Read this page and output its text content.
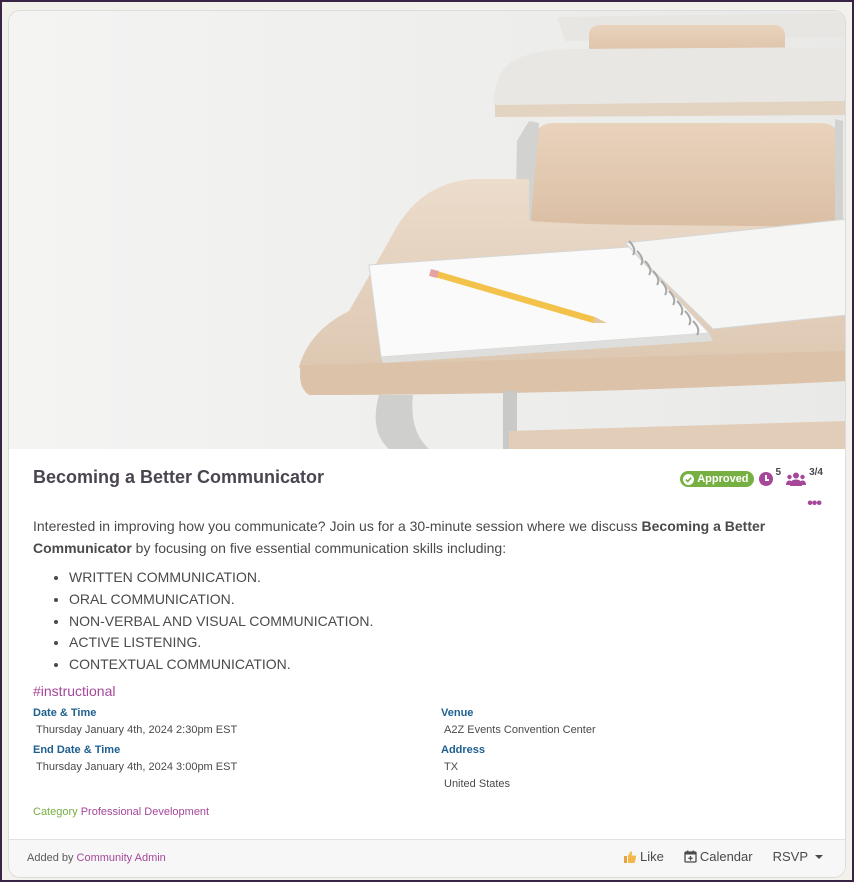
Becoming a Better Communicator	Approved
5	3/4
•••

Interested in improving how you communicate? Join us for a 30-minute session where we discuss Becoming a Better Communicator by focusing on five essential communication skills including:

• WRITTEN COMMUNICATION.
• ORAL COMMUNICATION.
• NON-VERBAL AND VISUAL COMMUNICATION.
• ACTIVE LISTENING.
• CONTEXTUAL COMMUNICATION.
#instructional
Date & Time
Thursday January 4th, 2024 2:30pm EST
End Date & Time
Thursday January 4th, 2024 3:00pm EST
Venue
A2Z Events Convention Center
Address
TX
United States
Category Professional Development
Added by Community Admin	Like	Calendar RSVP
